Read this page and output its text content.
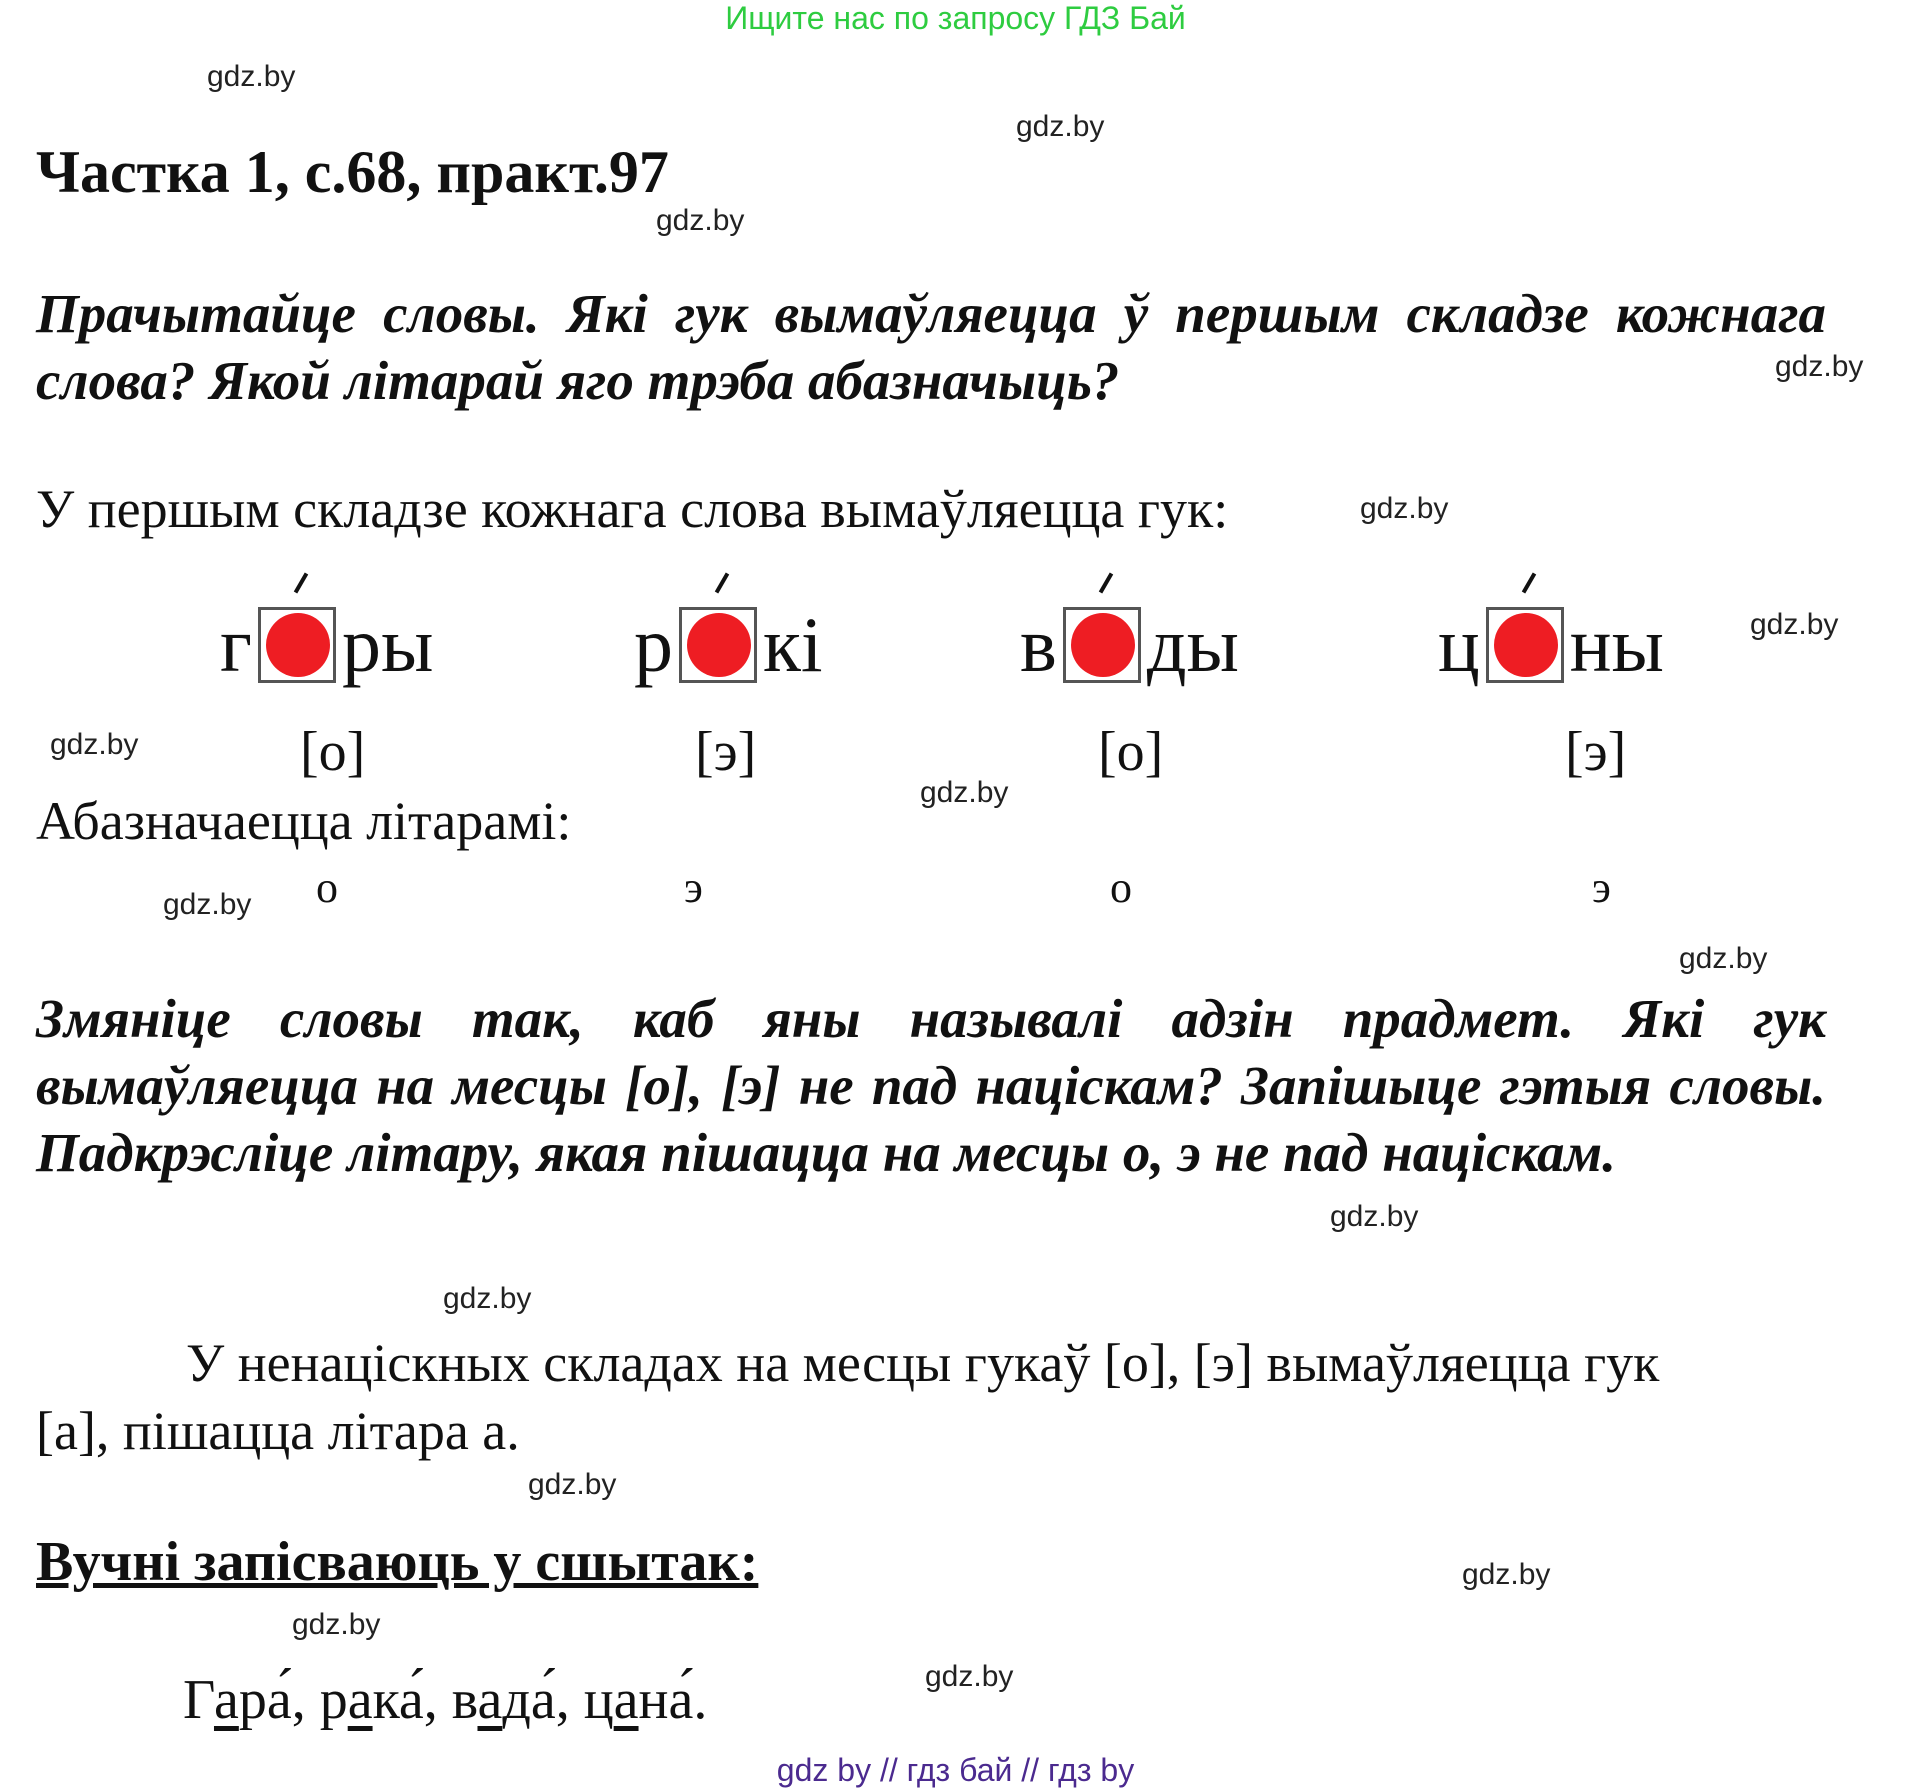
Ищите нас по запросу ГДЗ Бай
gdz.by
gdz.by
gdz.by
gdz.by
gdz.by
gdz.by
gdz.by
gdz.by
gdz.by
gdz.by
gdz.by
gdz.by
gdz.by
gdz.by
gdz.by
gdz.by
Частка 1, с.68, практ.97
Прачытайце словы. Які гук вымаўляецца ў першым складзе кожнага слова? Якой літарай яго трэба абазначыць?
У першым складзе кожнага слова вымаўляецца гук:
г ры	р кі	в ды	ц ны
[о]	[э]	[о]	[э]
Абазначаецца літарамі:
о	э	о	э
Змяніце словы так, каб яны называлі адзін прадмет. Які гук вымаўляецца на месцы [о], [э] не пад націскам? Запішыце гэтыя словы. Падкрэсліце літару, якая пішацца на месцы о, э не пад націскам.
У ненаціскных складах на месцы гукаў [о], [э] вымаўляецца гук
[а], пішацца літара а.
Вучні запісваюць у сшытак:
Гара́, рака́, вада́, цана́.
gdz by // гдз бай // гдз by
